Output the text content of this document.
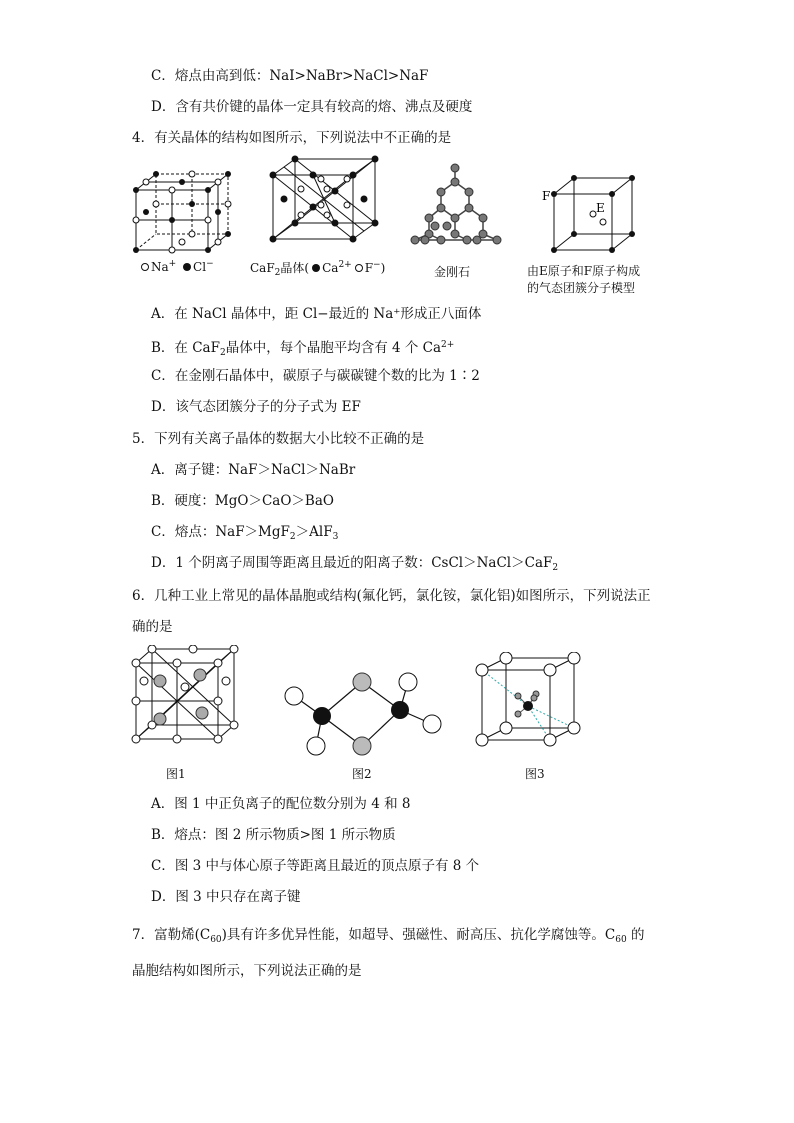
C．熔点由高到低：NaI>NaBr>NaCl>NaF
D．含有共价键的晶体一定具有较高的熔、沸点及硬度
4．有关晶体的结构如图所示，下列说法中不正确的是
Na+ Cl−	CaF$_2$晶体( $Ca^{2+}$ F−)	金刚石
F
E
由E原子和F原子构成
的气态团簇分子模型
A．在 NaCl 晶体中，距 Cl−最近的 Na⁺形成正八面体
B．在 CaF$_2$晶体中，每个晶胞平均含有 4 个 $Ca^{2+}$
C．在金刚石晶体中，碳原子与碳碳键个数的比为 1∶2
D．该气态团簇分子的分子式为 EF
5．下列有关离子晶体的数据大小比较不正确的是
A．离子键：NaF＞NaCl＞NaBr
B．硬度：MgO＞CaO＞BaO
C．熔点：NaF＞MgF$_2$＞AlF$_3$
D．1 个阴离子周围等距离且最近的阳离子数：CsCl＞NaCl＞CaF$_2$
6．几种工业上常见的晶体晶胞或结构(氟化钙，氯化铵，氯化铝)如图所示，下列说法正
确的是
图1	图2	图3
A．图 1 中正负离子的配位数分别为 4 和 8
B．熔点：图 2 所示物质>图 1 所示物质
C．图 3 中与体心原子等距离且最近的顶点原子有 8 个
D．图 3 中只存在离子键
7．富勒烯$(C_{60})$具有许多优异性能，如超导、强磁性、耐高压、抗化学腐蚀等。$C_{60}$ 的
晶胞结构如图所示，下列说法正确的是
